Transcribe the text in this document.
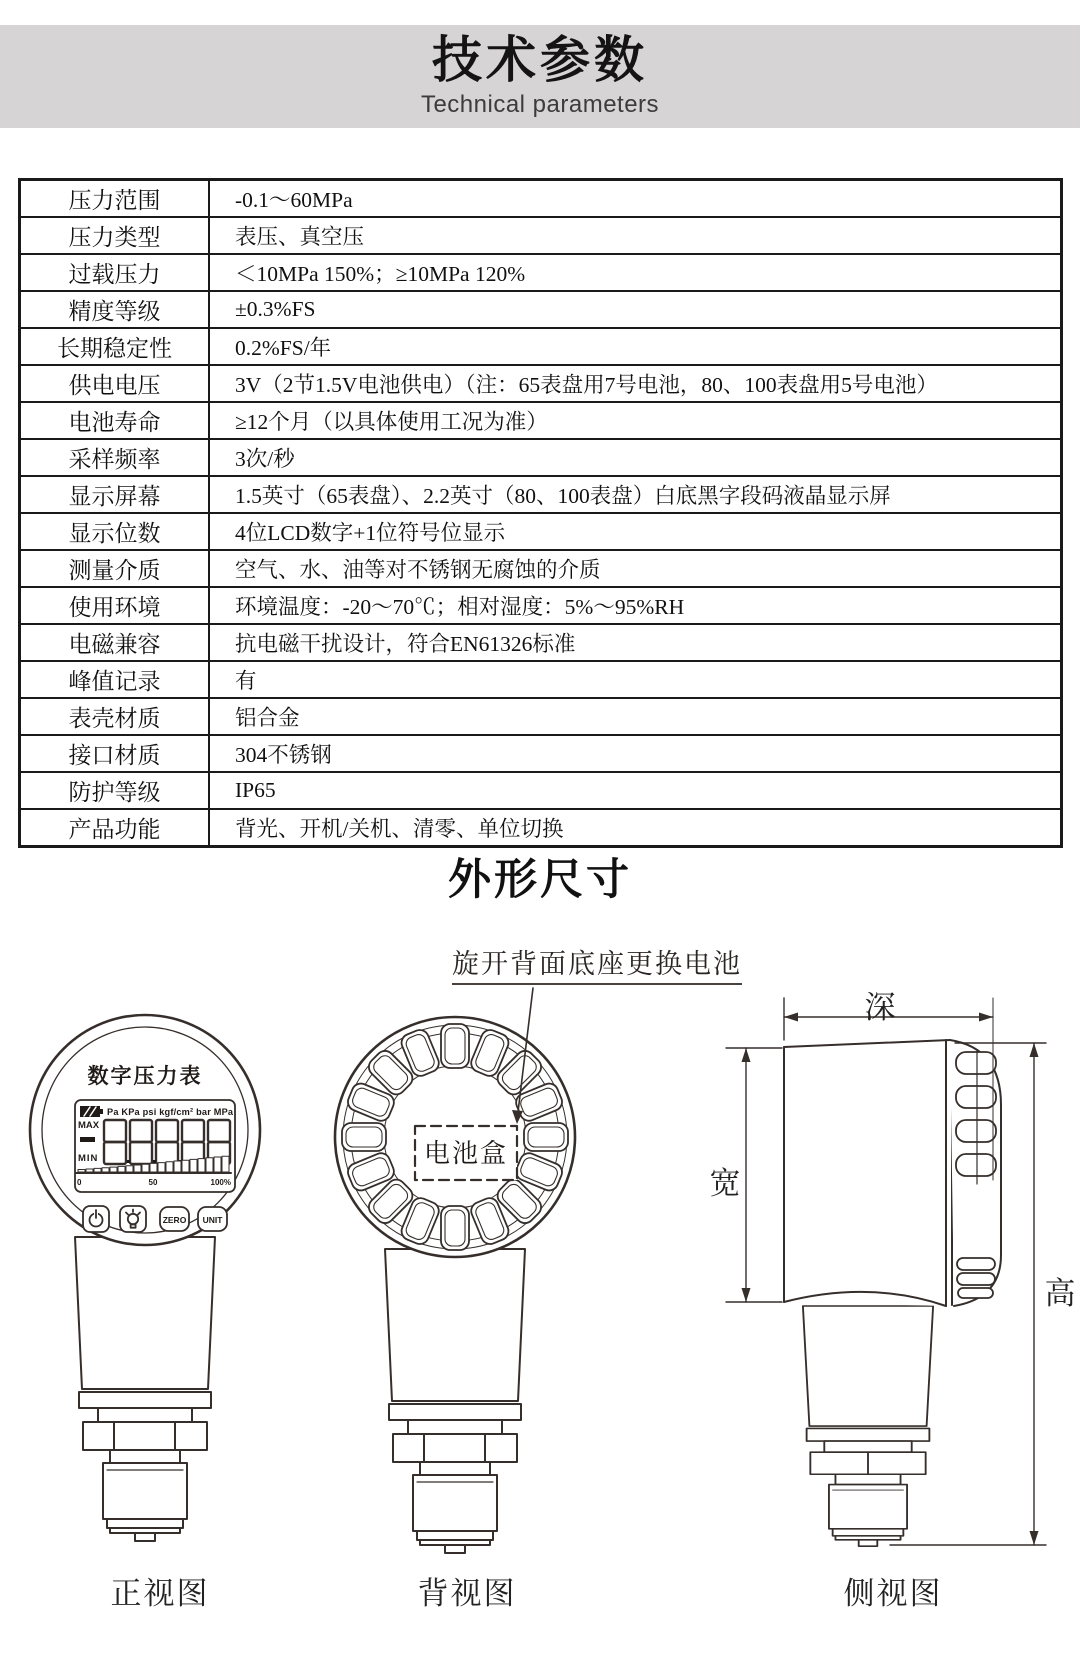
技术参数
Technical parameters
压力范围	-0.1～60MPa
压力类型	表压、真空压
过载压力	＜10MPa 150%；≥10MPa 120%
精度等级	±0.3%FS
长期稳定性	0.2%FS/年
供电电压	3V（2节1.5V电池供电）（注：65表盘用7号电池，80、100表盘用5号电池）
电池寿命	≥12个月（以具体使用工况为准）
采样频率	3次/秒
显示屏幕	1.5英寸（65表盘）、2.2英寸（80、100表盘）白底黑字段码液晶显示屏
显示位数	4位LCD数字+1位符号位显示
测量介质	空气、水、油等对不锈钢无腐蚀的介质
使用环境	环境温度：-20～70℃；相对湿度：5%～95%RH
电磁兼容	抗电磁干扰设计，符合EN61326标准
峰值记录	有
表壳材质	铝合金
接口材质	304不锈钢
防护等级	IP65
产品功能	背光、开机/关机、清零、单位切换
外形尺寸
旋开背面底座更换电池
Pa KPa psi kgf/cm² bar MPa
MAX
MIN
0	50	100%
ZERO UNIT
数字压力表
电池盒
深
宽
高
正视图	背视图	侧视图
